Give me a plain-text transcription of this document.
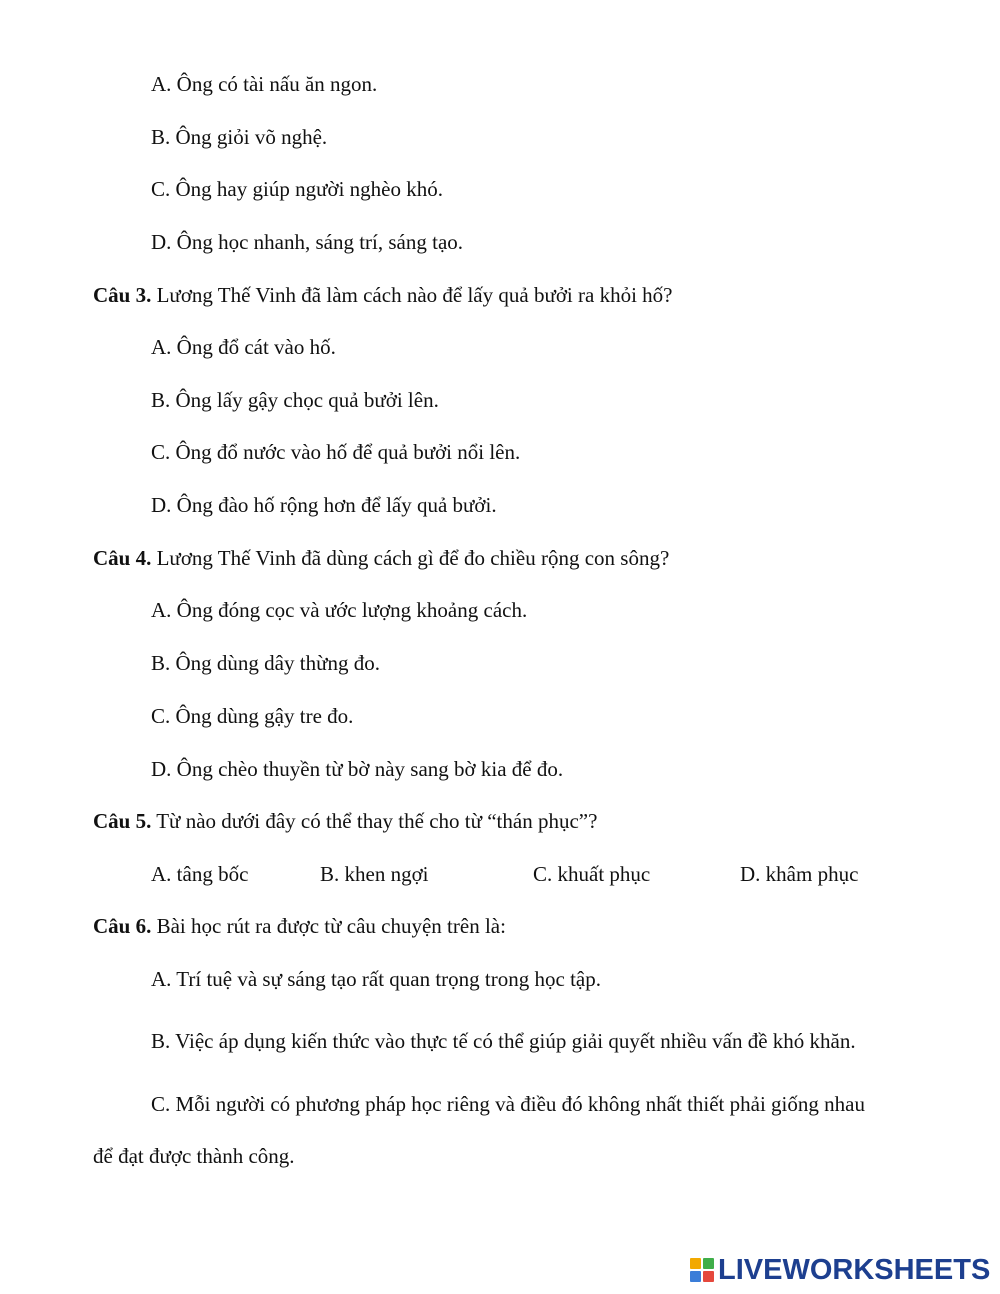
A. Ông có tài nấu ăn ngon.
B. Ông giỏi võ nghệ.
C. Ông hay giúp người nghèo khó.
D. Ông học nhanh, sáng trí, sáng tạo.
Câu 3. Lương Thế Vinh đã làm cách nào để lấy quả bưởi ra khỏi hố?
A. Ông đổ cát vào hố.
B. Ông lấy gậy chọc quả bưởi lên.
C. Ông đổ nước vào hố để quả bưởi nổi lên.
D. Ông đào hố rộng hơn để lấy quả bưởi.
Câu 4. Lương Thế Vinh đã dùng cách gì để đo chiều rộng con sông?
A. Ông đóng cọc và ước lượng khoảng cách.
B. Ông dùng dây thừng đo.
C. Ông dùng gậy tre đo.
D. Ông chèo thuyền từ bờ này sang bờ kia để đo.
Câu 5. Từ nào dưới đây có thể thay thế cho từ “thán phục”?
A. tâng bốc	B. khen ngợi	C. khuất phục	D. khâm phục
Câu 6. Bài học rút ra được từ câu chuyện trên là:
A. Trí tuệ và sự sáng tạo rất quan trọng trong học tập.
B. Việc áp dụng kiến thức vào thực tế có thể giúp giải quyết nhiều vấn đề khó khăn.
C. Mỗi người có phương pháp học riêng và điều đó không nhất thiết phải giống nhau
để đạt được thành công.
LIVEWORKSHEETS
